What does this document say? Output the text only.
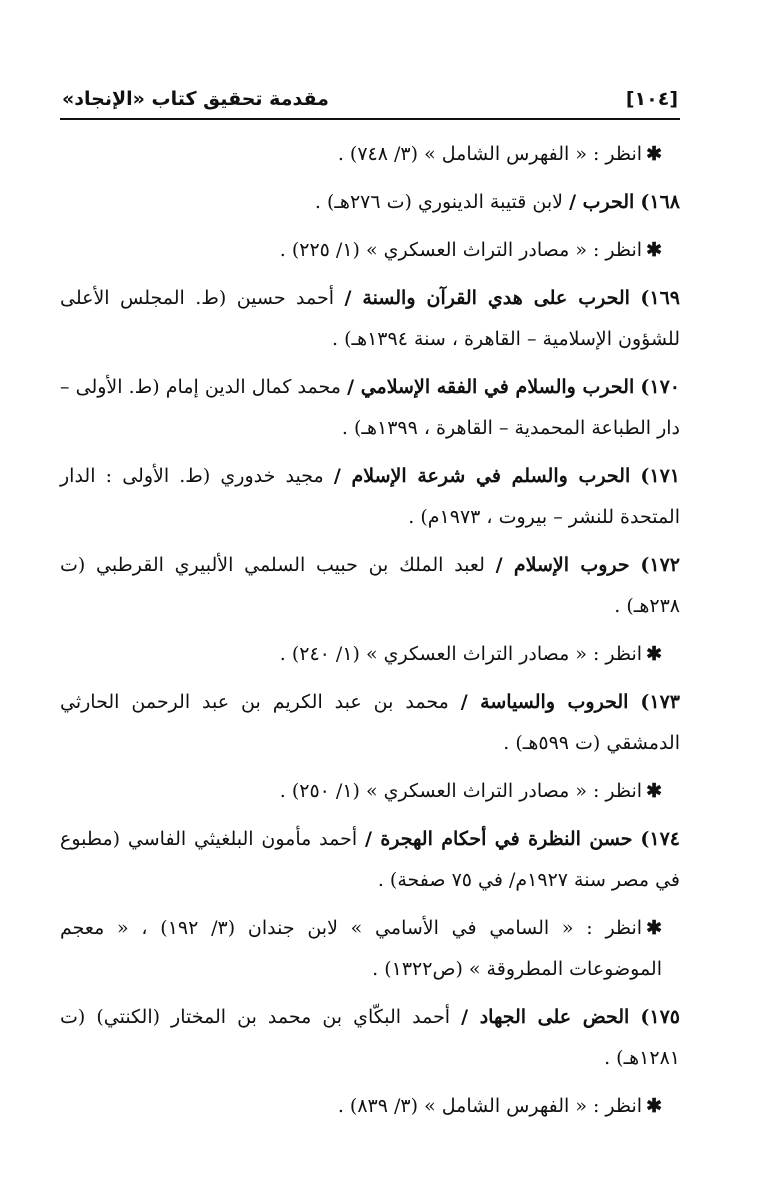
[١٠٤]
مقدمة تحقيق كتاب «الإنجاد»
✱انظر : « الفهرس الشامل » (٣/ ٧٤٨) .
١٦٨) الحرب / لابن قتيبة الدينوري (ت ٢٧٦هـ) .
✱انظر : « مصادر التراث العسكري » (١/ ٢٢٥) .
١٦٩) الحرب على هدي القرآن والسنة / أحمد حسين (ط. المجلس الأعلى للشؤون الإسلامية – القاهرة ، سنة ١٣٩٤هـ) .
١٧٠) الحرب والسلام في الفقه الإسلامي / محمد كمال الدين إمام (ط. الأولى – دار الطباعة المحمدية – القاهرة ، ١٣٩٩هـ) .
١٧١) الحرب والسلم في شرعة الإسلام / مجيد خدوري (ط. الأولى : الدار المتحدة للنشر – بيروت ، ١٩٧٣م) .
١٧٢) حروب الإسلام / لعبد الملك بن حبيب السلمي الألبيري القرطبي (ت ٢٣٨هـ) .
✱انظر : « مصادر التراث العسكري » (١/ ٢٤٠) .
١٧٣) الحروب والسياسة / محمد بن عبد الكريم بن عبد الرحمن الحارثي الدمشقي (ت ٥٩٩هـ) .
✱انظر : « مصادر التراث العسكري » (١/ ٢٥٠) .
١٧٤) حسن النظرة في أحكام الهجرة / أحمد مأمون البلغيثي الفاسي (مطبوع في مصر سنة ١٩٢٧م/ في ٧٥ صفحة) .
✱انظر : « السامي في الأسامي » لابن جندان (٣/ ١٩٢) ، « معجم الموضوعات المطروقة » (ص١٣٢٢) .
١٧٥) الحض على الجهاد / أحمد البكّاي بن محمد بن المختار (الكنتي) (ت ١٢٨١هـ) .
✱انظر : « الفهرس الشامل » (٣/ ٨٣٩) .
